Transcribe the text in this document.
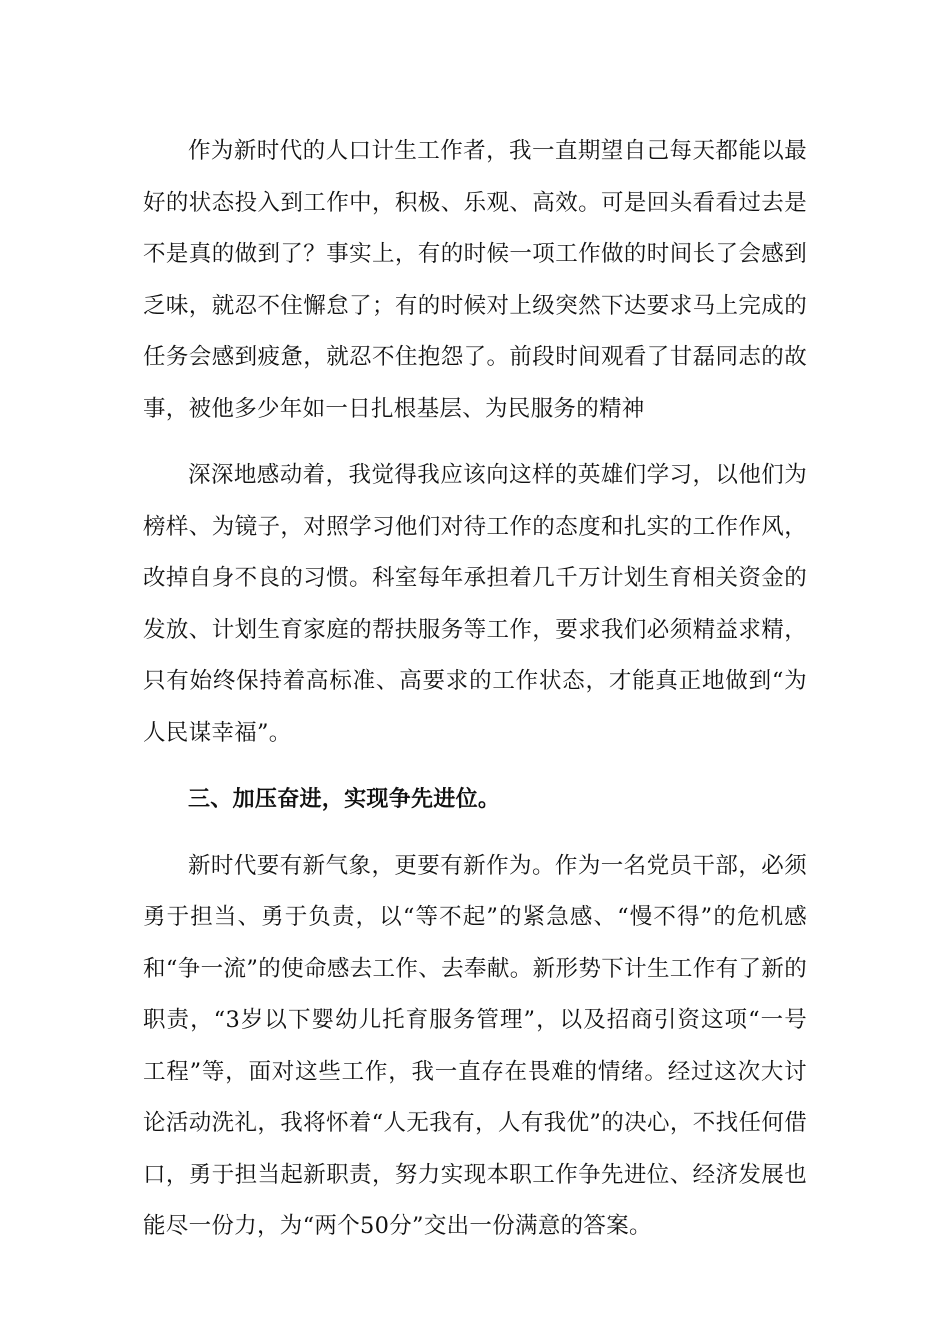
作为新时代的人口计生工作者，我一直期望自己每天都能以最好的状态投入到工作中，积极、乐观、高效。可是回头看看过去是不是真的做到了？事实上，有的时候一项工作做的时间长了会感到乏味，就忍不住懈怠了；有的时候对上级突然下达要求马上完成的任务会感到疲惫，就忍不住抱怨了。前段时间观看了甘磊同志的故事，被他多少年如一日扎根基层、为民服务的精神

深深地感动着，我觉得我应该向这样的英雄们学习，以他们为榜样、为镜子，对照学习他们对待工作的态度和扎实的工作作风，改掉自身不良的习惯。科室每年承担着几千万计划生育相关资金的发放、计划生育家庭的帮扶服务等工作，要求我们必须精益求精，只有始终保持着高标准、高要求的工作状态，才能真正地做到“为人民谋幸福”。

三、加压奋进，实现争先进位。

新时代要有新气象，更要有新作为。作为一名党员干部，必须勇于担当、勇于负责，以“等不起”的紧急感、“慢不得”的危机感和“争一流”的使命感去工作、去奉献。新形势下计生工作有了新的职责，“3岁以下婴幼儿托育服务管理”，以及招商引资这项“一号工程”等，面对这些工作，我一直存在畏难的情绪。经过这次大讨论活动洗礼，我将怀着“人无我有，人有我优”的决心，不找任何借口，勇于担当起新职责，努力实现本职工作争先进位、经济发展也能尽一份力，为“两个50分”交出一份满意的答案。
